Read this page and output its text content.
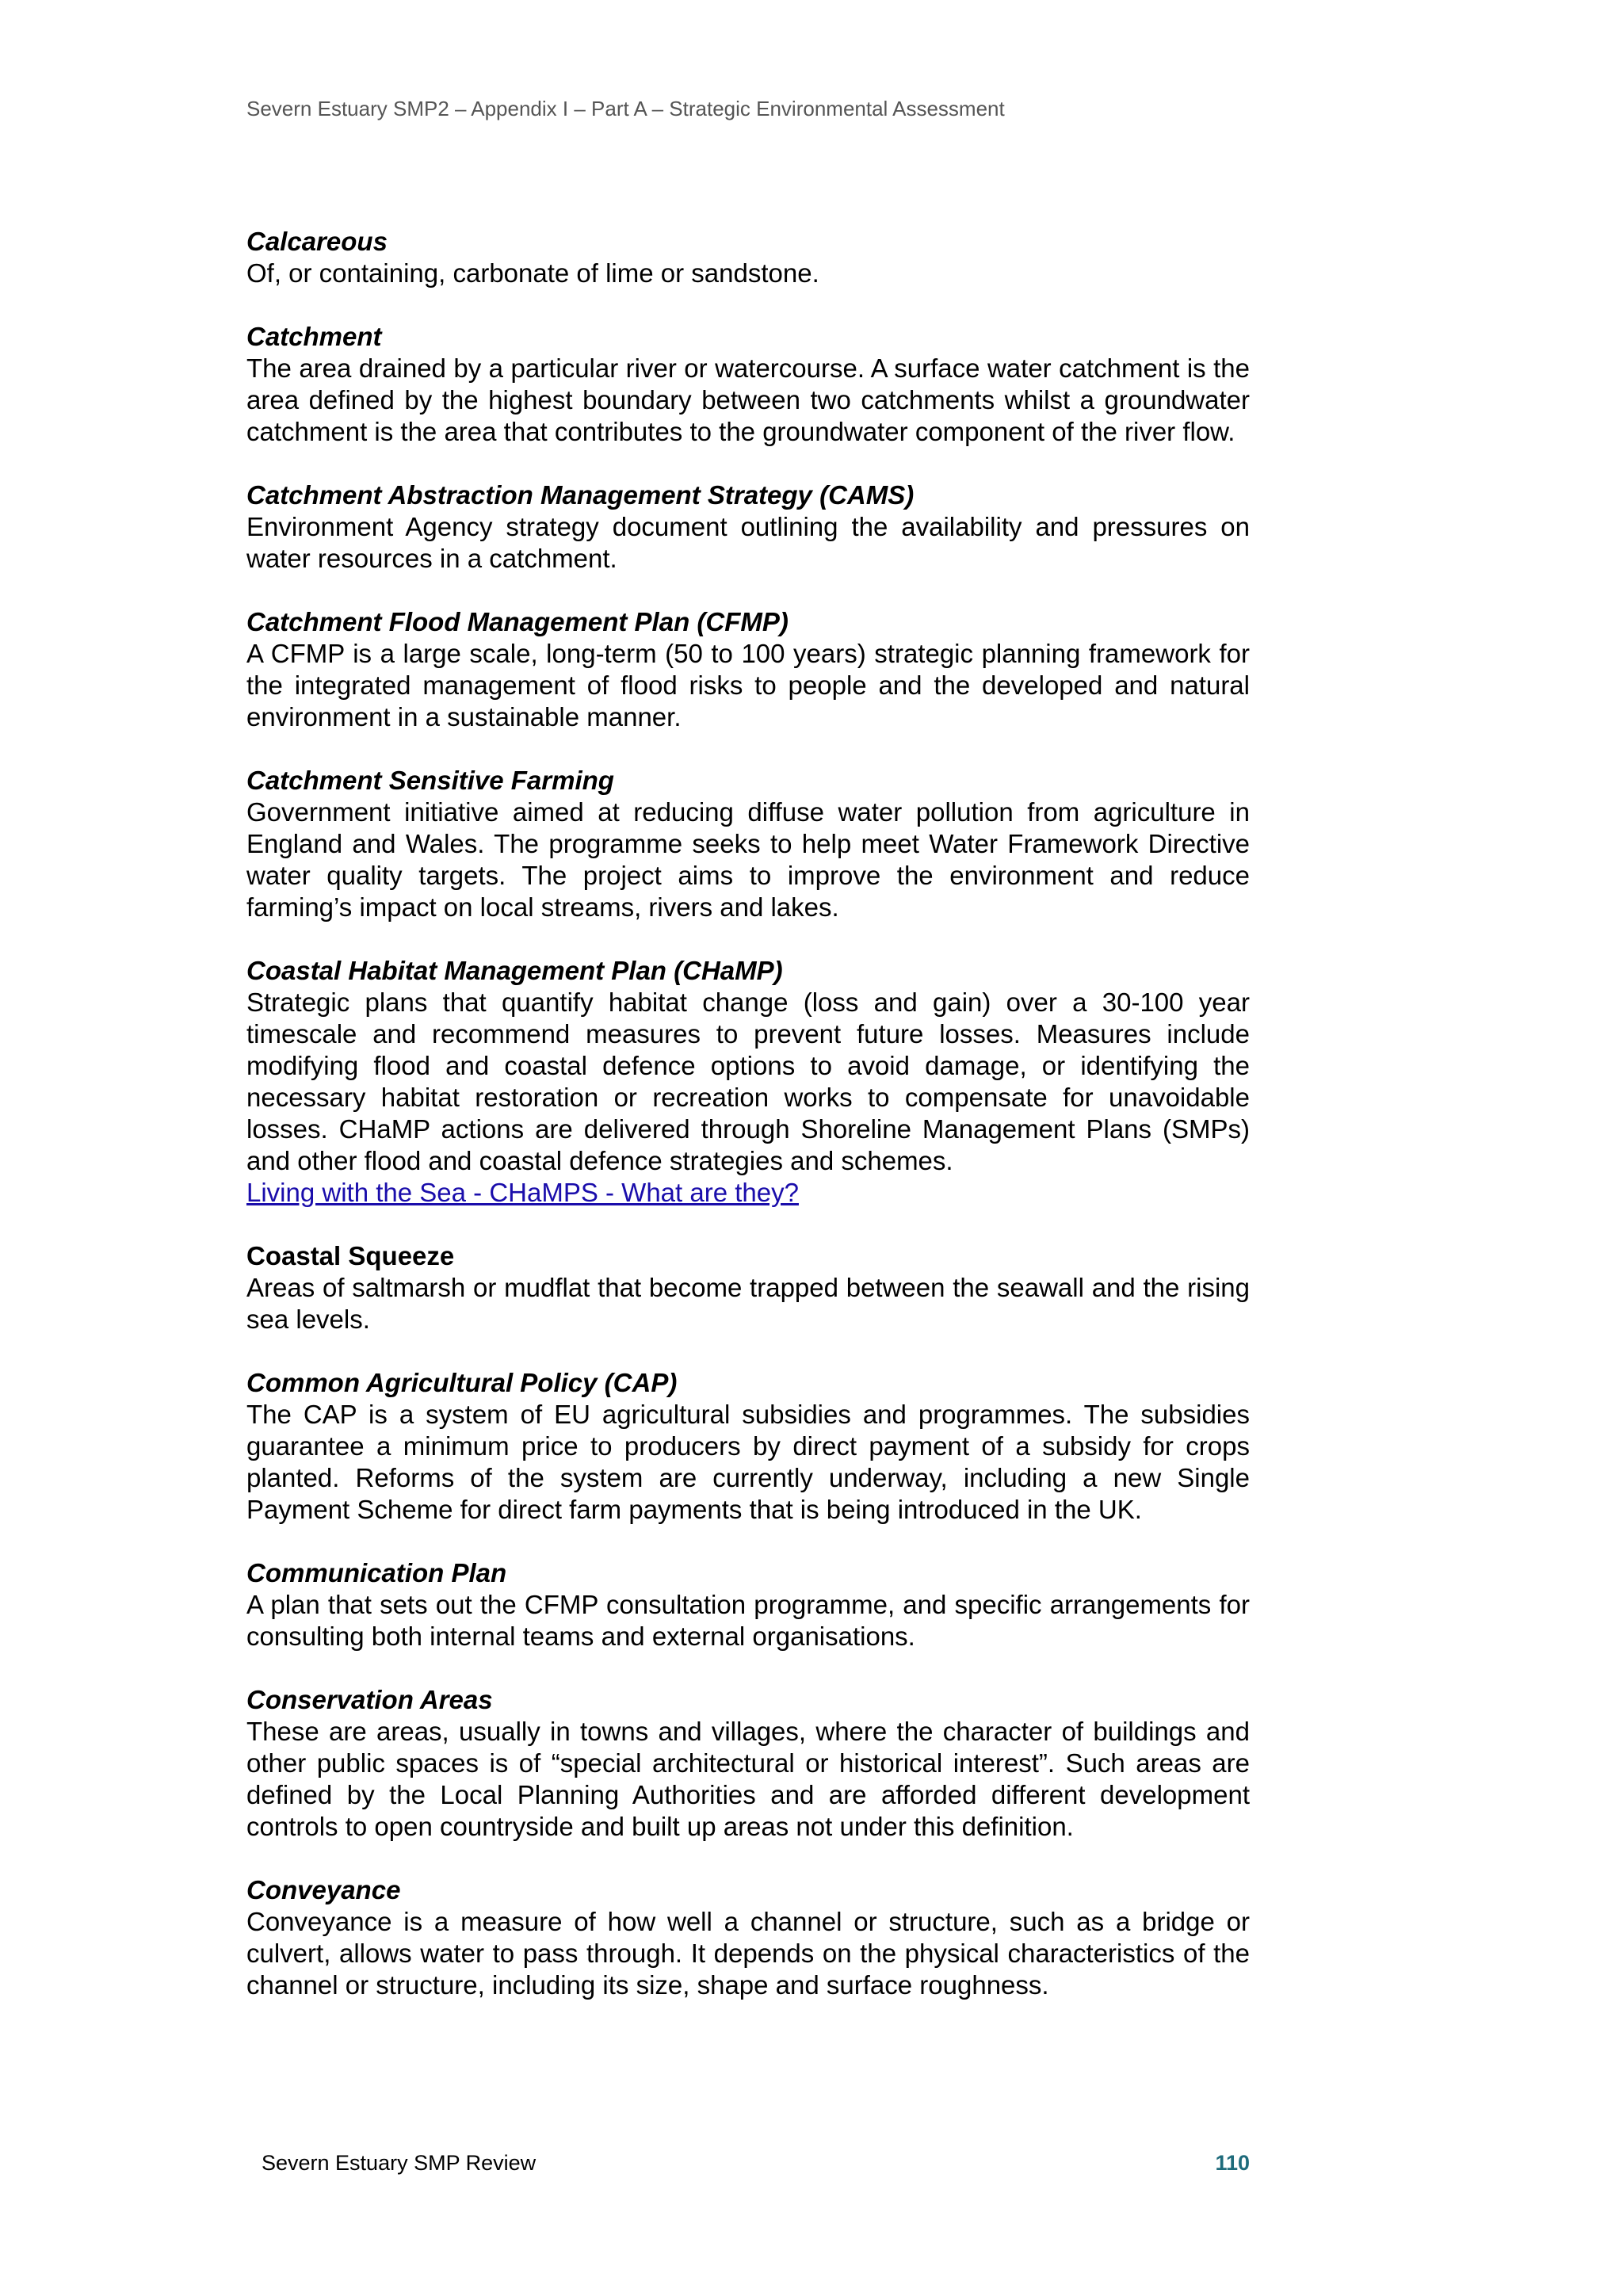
Severn Estuary SMP2 – Appendix I – Part A – Strategic Environmental Assessment

Calcareous

Of, or containing, carbonate of lime or sandstone.

Catchment

The area drained by a particular river or watercourse. A surface water catchment is the area defined by the highest boundary between two catchments whilst a groundwater catchment is the area that contributes to the groundwater component of the river flow.

Catchment Abstraction Management Strategy (CAMS)

Environment Agency strategy document outlining the availability and pressures on water resources in a catchment.

Catchment Flood Management Plan (CFMP)

A CFMP is a large scale, long-term (50 to 100 years) strategic planning framework for the integrated management of flood risks to people and the developed and natural environment in a sustainable manner.

Catchment Sensitive Farming

Government initiative aimed at reducing diffuse water pollution from agriculture in England and Wales. The programme seeks to help meet Water Framework Directive water quality targets. The project aims to improve the environment and reduce farming’s impact on local streams, rivers and lakes.

Coastal Habitat Management Plan (CHaMP)

Strategic plans that quantify habitat change (loss and gain) over a 30-100 year timescale and recommend measures to prevent future losses. Measures include modifying flood and coastal defence options to avoid damage, or identifying the necessary habitat restoration or recreation works to compensate for unavoidable losses. CHaMP actions are delivered through Shoreline Management Plans (SMPs) and other flood and coastal defence strategies and schemes.

Living with the Sea - CHaMPS - What are they?

Coastal Squeeze

Areas of saltmarsh or mudflat that become trapped between the seawall and the rising sea levels.

Common Agricultural Policy (CAP)

The CAP is a system of EU agricultural subsidies and programmes. The subsidies guarantee a minimum price to producers by direct payment of a subsidy for crops planted. Reforms of the system are currently underway, including a new Single Payment Scheme for direct farm payments that is being introduced in the UK.

Communication Plan

A plan that sets out the CFMP consultation programme, and specific arrangements for consulting both internal teams and external organisations.

Conservation Areas

These are areas, usually in towns and villages, where the character of buildings and other public spaces is of “special architectural or historical interest”. Such areas are defined by the Local Planning Authorities and are afforded different development controls to open countryside and built up areas not under this definition.

Conveyance

Conveyance is a measure of how well a channel or structure, such as a bridge or culvert, allows water to pass through. It depends on the physical characteristics of the channel or structure, including its size, shape and surface roughness.

Severn Estuary SMP Review	110
